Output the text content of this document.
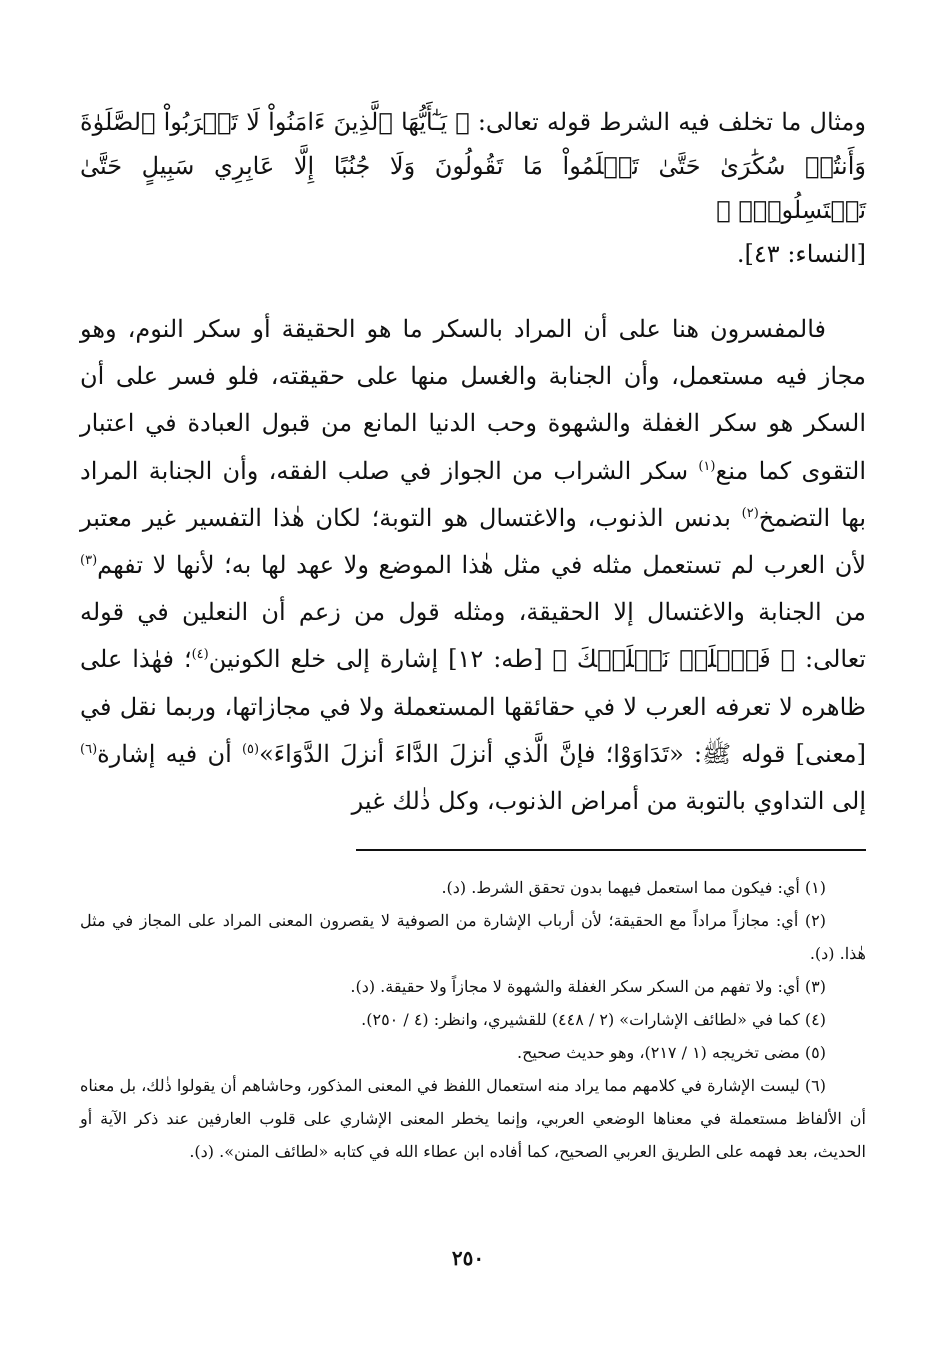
ومثال ما تخلف فيه الشرط قوله تعالى: ﴿ يَـٰٓأَيُّهَا ٱلَّذِينَ ءَامَنُواْ لَا تَقۡرَبُواْ ٱلصَّلَوٰةَ وَأَنتُمۡ سُكَٰرَىٰ حَتَّىٰ تَعۡلَمُواْ مَا تَقُولُونَ وَلَا جُنُبًا إِلَّا عَابِرِي سَبِيلٍ حَتَّىٰ تَغۡتَسِلُواْۚ ﴾
[النساء: ٤٣].

فالمفسرون هنا على أن المراد بالسكر ما هو الحقيقة أو سكر النوم، وهو مجاز فيه مستعمل، وأن الجنابة والغسل منها على حقيقته، فلو فسر على أن السكر هو سكر الغفلة والشهوة وحب الدنيا المانع من قبول العبادة في اعتبار التقوى كما منع$^{(١)}$ سكر الشراب من الجواز في صلب الفقه، وأن الجنابة المراد بها التضمخ$^{(٢)}$ بدنس الذنوب، والاغتسال هو التوبة؛ لكان هٰذا التفسير غير معتبر لأن العرب لم تستعمل مثله في مثل هٰذا الموضع ولا عهد لها به؛ لأنها لا تفهم$^{(٣)}$ من الجنابة والاغتسال إلا الحقيقة، ومثله قول من زعم أن النعلين في قوله تعالى: ﴿ فَٱخۡلَعۡ نَعۡلَيۡكَ ﴾ [طه: ١٢] إشارة إلى خلع الكونين$^{(٤)}$؛ فهٰذا على ظاهره لا تعرفه العرب لا في حقائقها المستعملة ولا في مجازاتها، وربما نقل في [معنى] قوله ﷺ: «تَدَاوَوْا؛ فإنَّ الَّذي أنزلَ الدَّاءَ أنزلَ الدَّوَاءَ»$^{(٥)}$ أن فيه إشارة$^{(٦)}$ إلى التداوي بالتوبة من أمراض الذنوب، وكل ذٰلك غير

(١) أي: فيكون مما استعمل فيهما بدون تحقق الشرط. (د).

(٢) أي: مجازاً مراداً مع الحقيقة؛ لأن أرباب الإشارة من الصوفية لا يقصرون المعنى المراد على المجاز في مثل هٰذا. (د).

(٣) أي: ولا تفهم من السكر سكر الغفلة والشهوة لا مجازاً ولا حقيقة. (د).

(٤) كما في «لطائف الإشارات» (٢ / ٤٤٨) للقشيري، وانظر: (٤ / ٢٥٠).

(٥) مضى تخريجه (١ / ٢١٧)، وهو حديث صحيح.

(٦) ليست الإشارة في كلامهم مما يراد منه استعمال اللفظ في المعنى المذكور، وحاشاهم أن يقولوا ذٰلك، بل معناه أن الألفاظ مستعملة في معناها الوضعي العربي، وإنما يخطر المعنى الإشاري على قلوب العارفين عند ذكر الآية أو الحديث، بعد فهمه على الطريق العربي الصحيح، كما أفاده ابن عطاء الله في كتابه «لطائف المنن». (د).

٢٥٠
